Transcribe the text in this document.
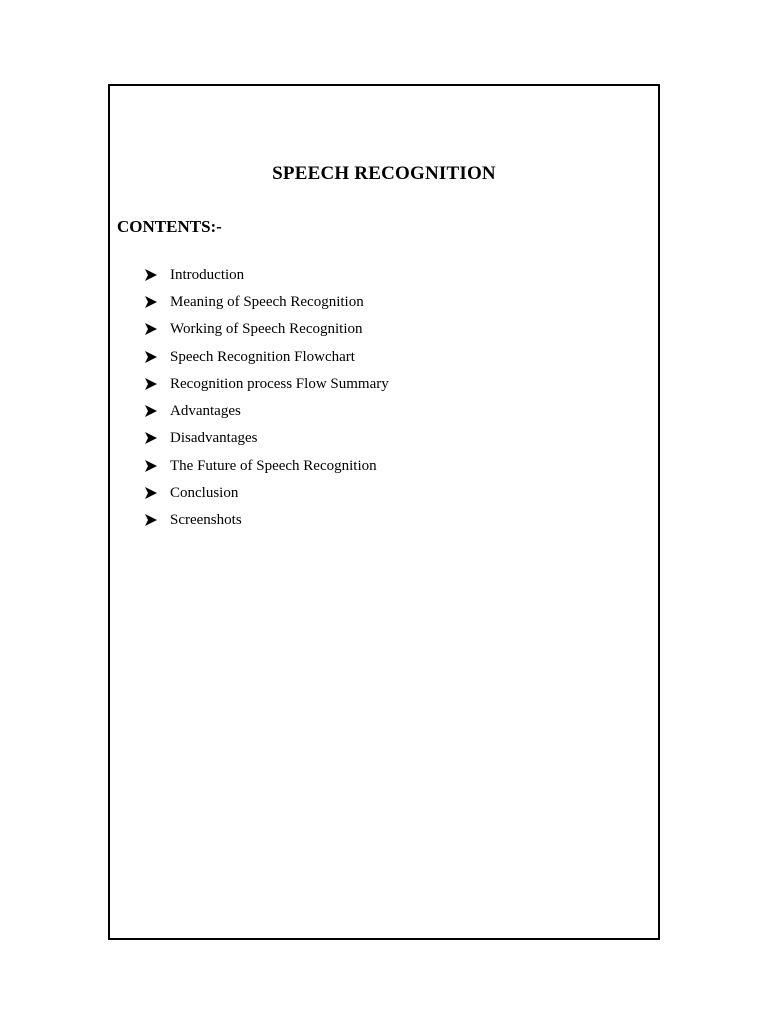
SPEECH RECOGNITION
CONTENTS:-
Introduction
Meaning of Speech Recognition
Working of Speech Recognition
Speech Recognition Flowchart
Recognition process Flow Summary
Advantages
Disadvantages
The Future of Speech Recognition
Conclusion
Screenshots
